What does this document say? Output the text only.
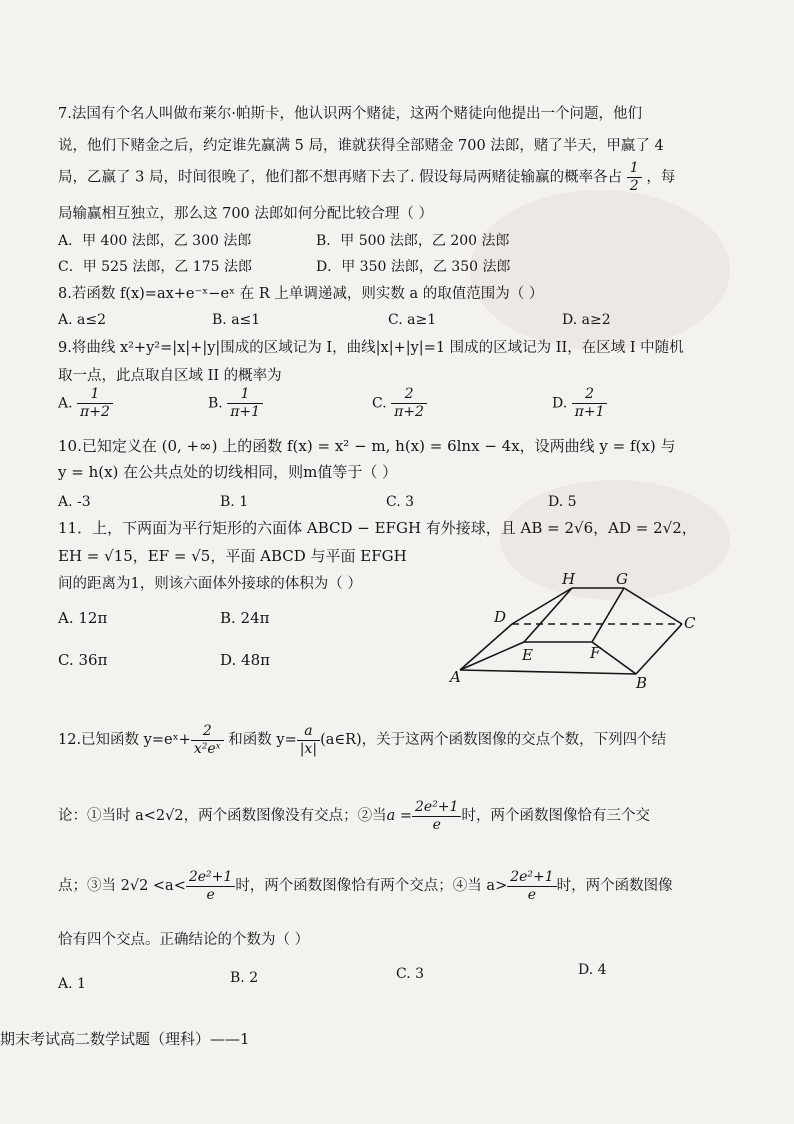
7.法国有个名人叫做布莱尔·帕斯卡，他认识两个赌徒，这两个赌徒向他提出一个问题，他们
说，他们下赌金之后，约定谁先赢满 5 局，谁就获得全部赌金 700 法郎，赌了半天，甲赢了 4
局，乙赢了 3 局，时间很晚了，他们都不想再赌下去了. 假设每局两赌徒输赢的概率各占 $\frac{1}{2}$ ，每
局输赢相互独立，那么这 700 法郎如何分配比较合理（ ）
A．甲 400 法郎，乙 300 法郎	B．甲 500 法郎，乙 200 法郎
C．甲 525 法郎，乙 175 法郎	D．甲 350 法郎，乙 350 法郎
8.若函数 f(x)=ax+e⁻ˣ−eˣ 在 R 上单调递减，则实数 a 的取值范围为（ ）
A. a≤2	B. a≤1	C. a≥1	D. a≥2
9.将曲线 x²+y²=|x|+|y|围成的区域记为 I，曲线|x|+|y|=1 围成的区域记为 II，在区域 I 中随机
取一点，此点取自区域 II 的概率为
A. $\frac{1}{\pi+2}$	B. $\frac{1}{\pi+1}$	C. $\frac{2}{\pi+2}$	D. $\frac{2}{\pi+1}$
10.已知定义在 (0, +∞) 上的函数 f(x) = x² − m, h(x) = 6lnx − 4x，设两曲线 y = f(x) 与
y = h(x) 在公共点处的切线相同，则m值等于（ ）
A. -3	B. 1	C. 3	D. 5
11．上，下两面为平行矩形的六面体 ABCD − EFGH 有外接球，且 AB = 2√6，AD = 2√2，
EH = √15，EF = √5，平面 ABCD 与平面 EFGH
间的距离为1，则该六面体外接球的体积为（ ）
A. 12π	B. 24π
C. 36π	D. 48π
H	G
D	C
E	F
A	B
12.已知函数 y=eˣ+ $\frac{2}{\text{x²eˣ}}$ 和函数 $y= \frac{a}{|x|}$ (a∈R)，关于这两个函数图像的交点个数，下列四个结
论：①当时 a<2√2，两个函数图像没有交点；②当$a = \frac{\text{2e²+1}}{e}$ 时，两个函数图像恰有三个交
点；③当 $2√2 <a< \frac{\text{2e²+1}}{e}$ 时，两个函数图像恰有两个交点；④当 $a> \frac{\text{2e²+1}}{e}$ 时，两个函数图像
恰有四个交点。正确结论的个数为（ ）
A. 1	B. 2	C. 3	D. 4
期末考试高二数学试题（理科）——1
